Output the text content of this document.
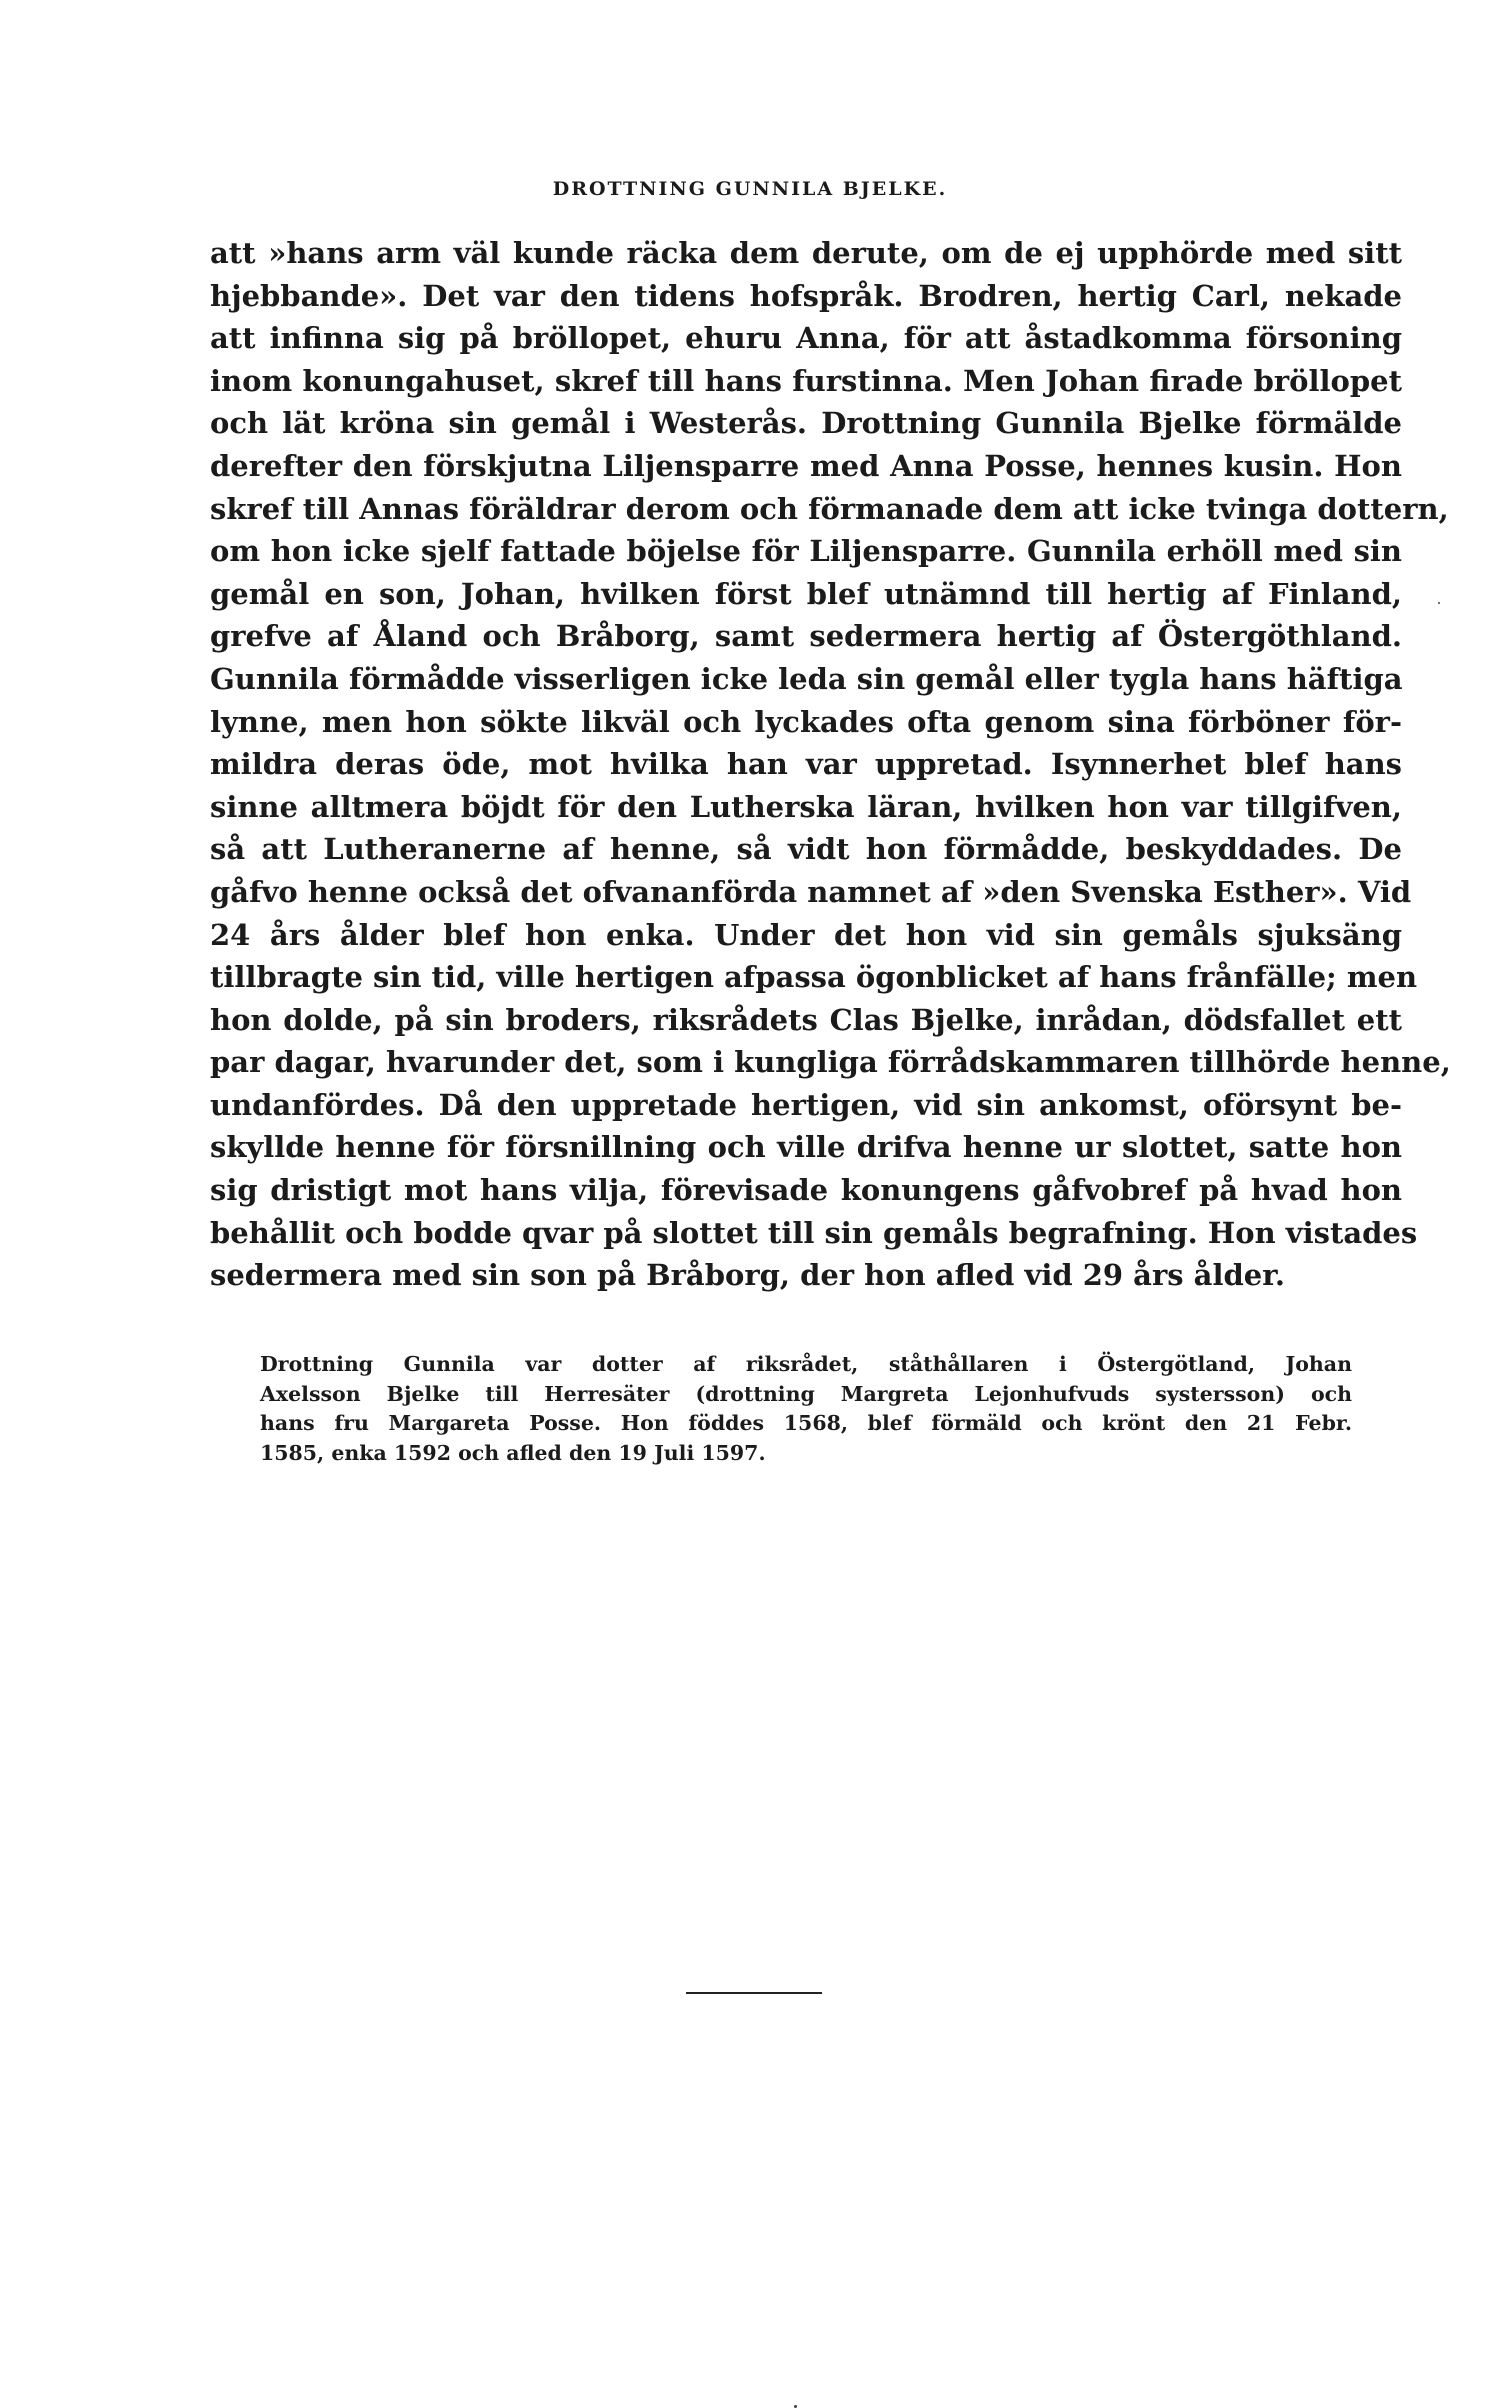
DROTTNING GUNNILA BJELKE.
att »hans arm väl kunde räcka dem derute, om de ej upphörde med sitt
hjebbande». Det var den tidens hofspråk. Brodren, hertig Carl, nekade
att infinna sig på bröllopet, ehuru Anna, för att åstadkomma försoning
inom konungahuset, skref till hans furstinna. Men Johan firade bröllopet
och lät kröna sin gemål i Westerås. Drottning Gunnila Bjelke förmälde
derefter den förskjutna Liljensparre med Anna Posse, hennes kusin. Hon
skref till Annas föräldrar derom och förmanade dem att icke tvinga dottern,
om hon icke sjelf fattade böjelse för Liljensparre. Gunnila erhöll med sin
gemål en son, Johan, hvilken först blef utnämnd till hertig af Finland,
grefve af Åland och Bråborg, samt sedermera hertig af Östergöthland.
Gunnila förmådde visserligen icke leda sin gemål eller tygla hans häftiga
lynne, men hon sökte likväl och lyckades ofta genom sina förböner för-
mildra deras öde, mot hvilka han var uppretad. Isynnerhet blef hans
sinne alltmera böjdt för den Lutherska läran, hvilken hon var tillgifven,
så att Lutheranerne af henne, så vidt hon förmådde, beskyddades. De
gåfvo henne också det ofvananförda namnet af »den Svenska Esther». Vid
24 års ålder blef hon enka. Under det hon vid sin gemåls sjuksäng
tillbragte sin tid, ville hertigen afpassa ögonblicket af hans frånfälle; men
hon dolde, på sin broders, riksrådets Clas Bjelke, inrådan, dödsfallet ett
par dagar, hvarunder det, som i kungliga förrådskammaren tillhörde henne,
undanfördes. Då den uppretade hertigen, vid sin ankomst, oförsynt be-
skyllde henne för försnillning och ville drifva henne ur slottet, satte hon
sig dristigt mot hans vilja, förevisade konungens gåfvobref på hvad hon
behållit och bodde qvar på slottet till sin gemåls begrafning. Hon vistades
sedermera med sin son på Bråborg, der hon afled vid 29 års ålder.
Drottning Gunnila var dotter af riksrådet, ståthållaren i Östergötland, Johan
Axelsson Bjelke till Herresäter (drottning Margreta Lejonhufvuds systersson) och
hans fru Margareta Posse. Hon föddes 1568, blef förmäld och krönt den 21 Febr.
1585, enka 1592 och afled den 19 Juli 1597.
